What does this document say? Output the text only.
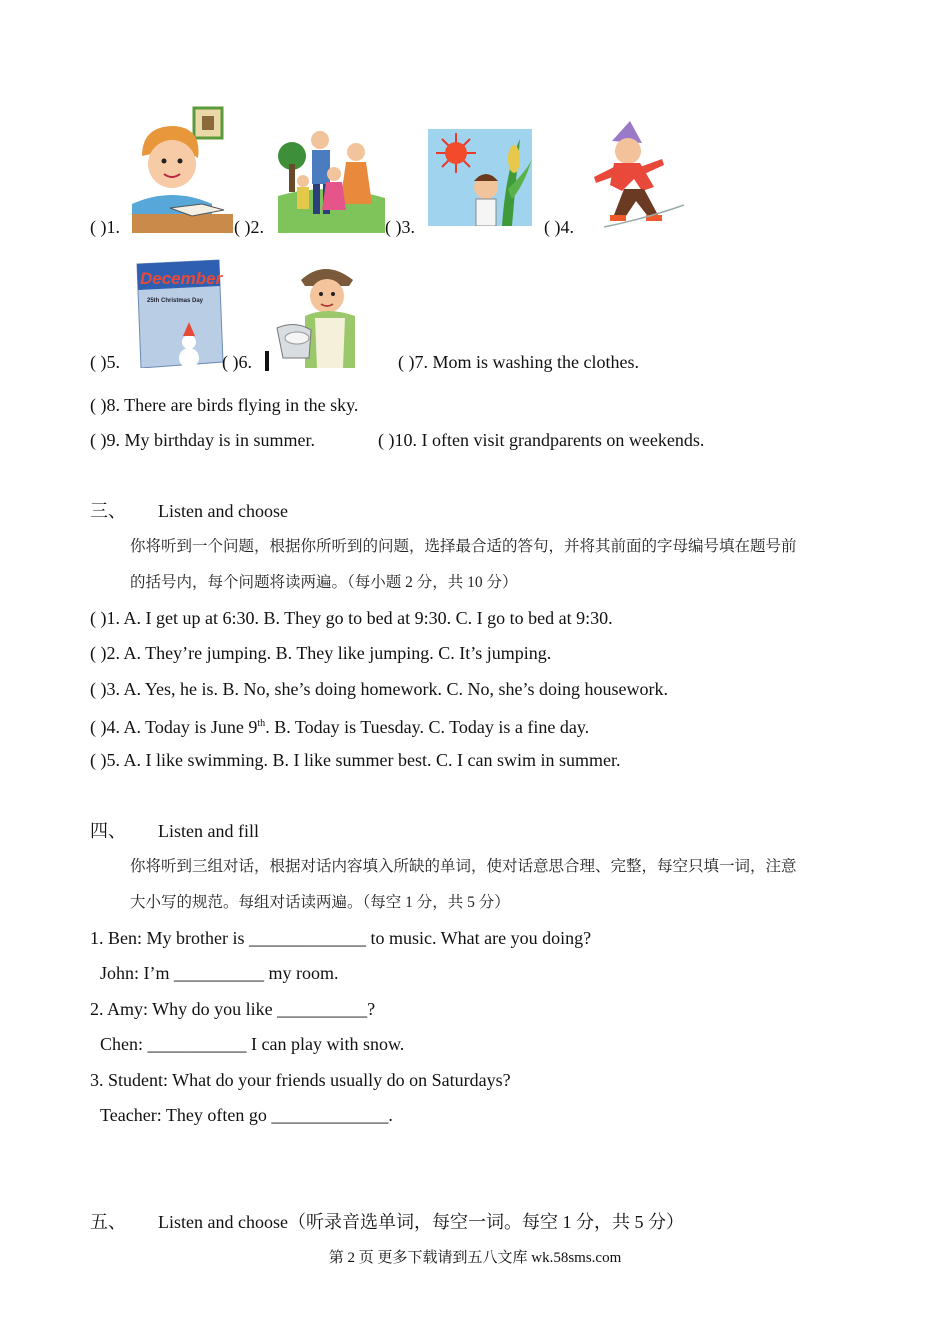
( )1.	( )2.	( )3.	( )4.
( )5.
December
25th Christmas Day
( )6.	( )7. Mom is washing the clothes.
( )8. There are birds flying in the sky.
( )9. My birthday is in summer.	( )10. I often visit grandparents on weekends.
三、 Listen and choose
你将听到一个问题，根据你所听到的问题，选择最合适的答句，并将其前面的字母编号填在题号前
的括号内，每个问题将读两遍。（每小题 2 分，共 10 分）
( )1. A. I get up at 6:30. B. They go to bed at 9:30. C. I go to bed at 9:30.
( )2. A. They’re jumping. B. They like jumping. C. It’s jumping.
( )3. A. Yes, he is. B. No, she’s doing homework. C. No, she’s doing housework.
( )4. A. Today is June 9th. B. Today is Tuesday. C. Today is a fine day.
( )5. A. I like swimming. B. I like summer best. C. I can swim in summer.
四、 Listen and fill
你将听到三组对话，根据对话内容填入所缺的单词，使对话意思合理、完整，每空只填一词，注意
大小写的规范。每组对话读两遍。（每空 1 分，共 5 分）
1. Ben: My brother is _____________ to music. What are you doing?
John: I’m __________ my room.
2. Amy: Why do you like __________?
Chen: ___________ I can play with snow.
3. Student: What do your friends usually do on Saturdays?
Teacher: They often go _____________.
五、 Listen and choose（听录音选单词，每空一词。每空 1 分，共 5 分）
第 2 页 更多下载请到五八文库 wk.58sms.com
